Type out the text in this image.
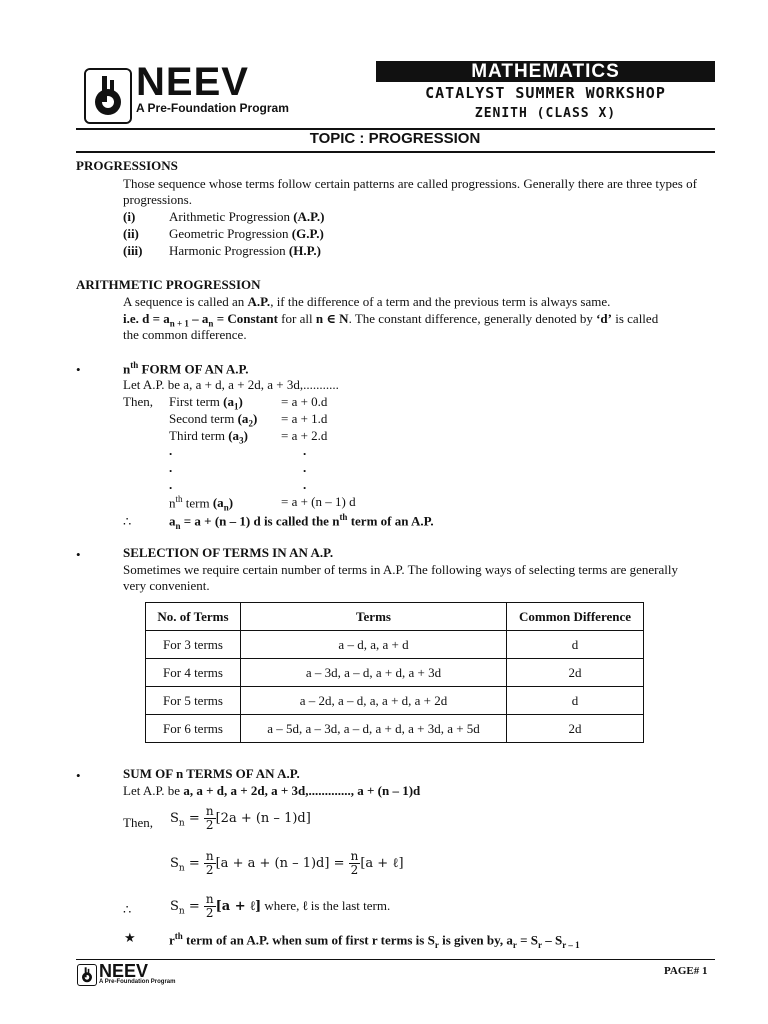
NEEV
A Pre-Foundation Program
MATHEMATICS
CATALYST SUMMER WORKSHOP
ZENITH (CLASS X)
TOPIC : PROGRESSION
PROGRESSIONS
Those sequence whose terms follow certain patterns are called progressions. Generally there are three types of progressions.
(i)	Arithmetic Progression (A.P.)
(ii) Geometric Progression (G.P.)
(iii) Harmonic Progression (H.P.)
ARITHMETIC PROGRESSION
A sequence is called an A.P., if the difference of a term and the previous term is always same.
i.e. $d = a_{n + 1} - a_n$ = Constant for all n ∈ N. The constant difference, generally denoted by ‘d’ is called
the common difference.
•	$n^{th}$ FORM OF AN A.P.
Let A.P. be a, a + d, a + 2d, a + 3d,...........
Then, First term $(a_1)$	= a + 0.d
Second term $(a_2) = a + 1.d$
Third term $(a_3)$	= a + 2.d
.	.
.	.
.	.
$n^{th}$ term $(a_n)$	= a + (n – 1) d
∴	$a_n = a + (n - 1)$ d is called the $n^{th}$ term of an A.P.
•	SELECTION OF TERMS IN AN A.P.
Sometimes we require certain number of terms in A.P. The following ways of selecting terms are generally
very convenient.
No. of Terms	Terms	Common Difference
For 3 terms	a – d, a, a + d	d
For 4 terms	a – 3d, a – d, a + d, a + 3d	2d
For 5 terms	a – 2d, a – d, a, a + d, a + 2d	d
For 6 terms	a – 5d, a – 3d, a – d, a + d, a + 3d, a + 5d	2d
•	SUM OF n TERMS OF AN A.P.
Let A.P. be a, a + d, a + 2d, a + 3d,............., a + (n – 1)d
Then, $S_n = \frac{n}{2} [2a + (n - 1)d]$
$S_n = \frac{n}{2} [a + a + (n - 1)d] = \frac{n}{2} [a$ + ℓ]
∴	$S_n = \frac{n}{2} [a$ + ℓ] where, ℓ is the last term.
★	$r^{th}$ term of an A.P. when sum of first r terms is $S_r$ is given by, $a_r = S_r - S_{r - 1}$
NEEV
A Pre-Foundation Program
PAGE# 1
